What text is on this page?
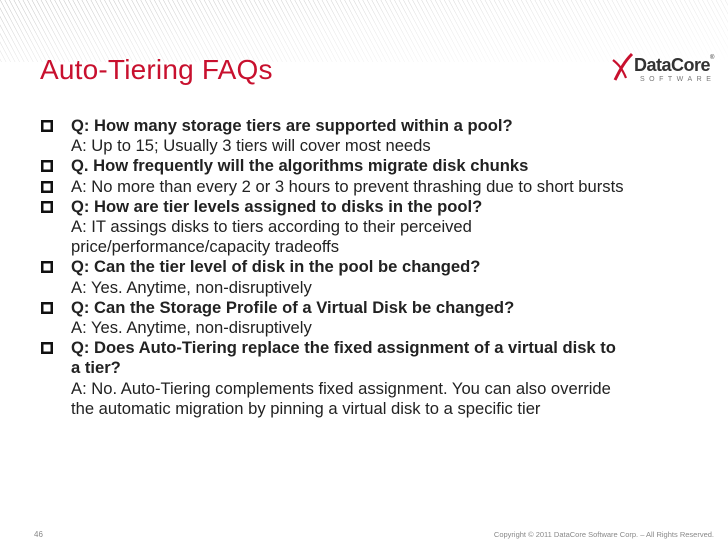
Auto-Tiering FAQs	DataCore®
SOFTWARE
Q: How many storage tiers are supported within a pool?
A: Up to 15; Usually 3 tiers will cover most needs
Q. How frequently will the algorithms migrate disk chunks
A: No more than every 2 or 3 hours to prevent thrashing due to short bursts
Q: How are tier levels assigned to disks in the pool?
A: IT assings disks to tiers according to their perceived
price/performance/capacity tradeoffs
Q: Can the tier level of disk in the pool be changed?
A: Yes. Anytime, non-disruptively
Q: Can the Storage Profile of a Virtual Disk be changed?
A: Yes. Anytime, non-disruptively
Q: Does Auto-Tiering replace the fixed assignment of a virtual disk to
a tier?
A: No. Auto-Tiering complements fixed assignment. You can also override
the automatic migration by pinning a virtual disk to a specific tier
46	Copyright © 2011 DataCore Software Corp. – All Rights Reserved.
